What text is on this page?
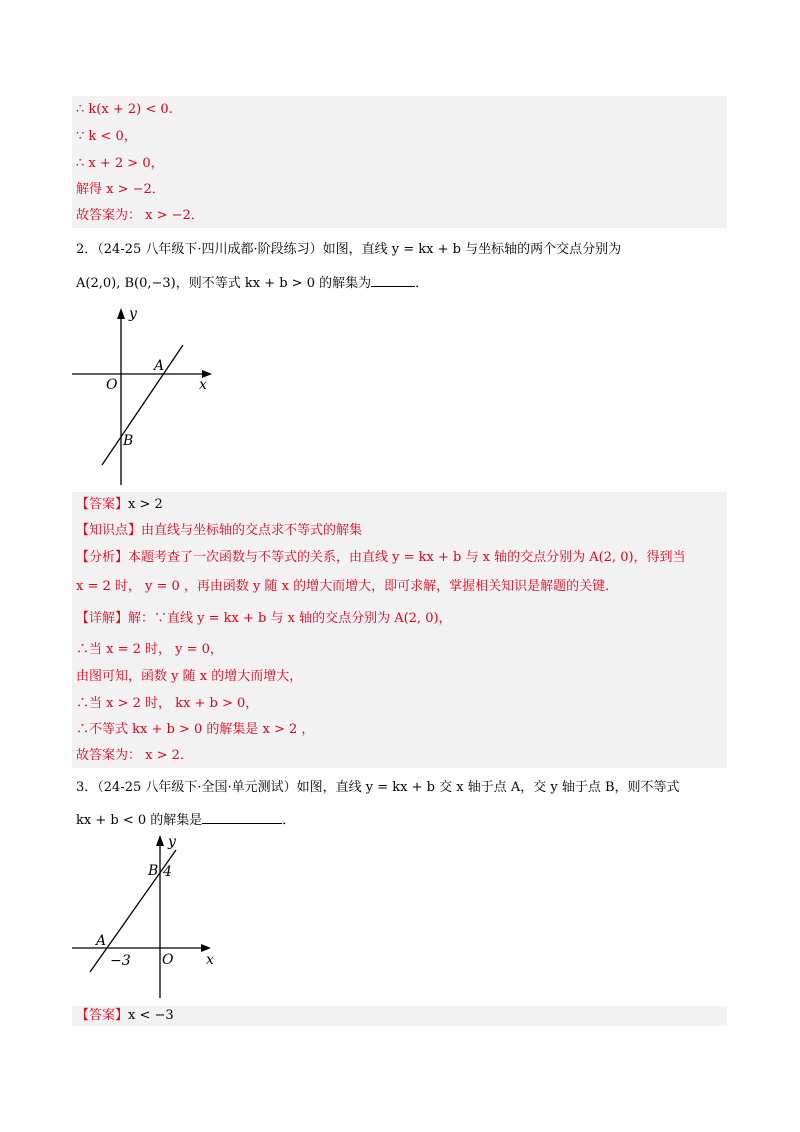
∴ k(x + 2) < 0.
∵ k < 0，
∴ x + 2 > 0，
解得 x > −2．
故答案为： x > −2．
2．（24-25 八年级下·四川成都·阶段练习）如图，直线 y = kx + b 与坐标轴的两个交点分别为
A(2,0), B(0,−3)，则不等式 kx + b > 0 的解集为	．
y
x
O
A
B
【答案】x > 2
【知识点】由直线与坐标轴的交点求不等式的解集
【分析】本题考查了一次函数与不等式的关系，由直线 y = kx + b 与 x 轴的交点分别为 A(2, 0)，得到当
x = 2 时， y = 0 ，再由函数 y 随 x 的增大而增大，即可求解，掌握相关知识是解题的关键．
【详解】解：∵直线 y = kx + b 与 x 轴的交点分别为 A(2, 0)，
∴当 x = 2 时， y = 0，
由图可知，函数 y 随 x 的增大而增大，
∴当 x > 2 时， kx + b > 0，
∴不等式 kx + b > 0 的解集是 x > 2 ，
故答案为： x > 2．
3．（24-25 八年级下·全国·单元测试）如图，直线 y = kx + b 交 x 轴于点 A，交 y 轴于点 B，则不等式
kx + b < 0 的解集是	．
y
x
O
A
B 4
−3
【答案】x < −3
